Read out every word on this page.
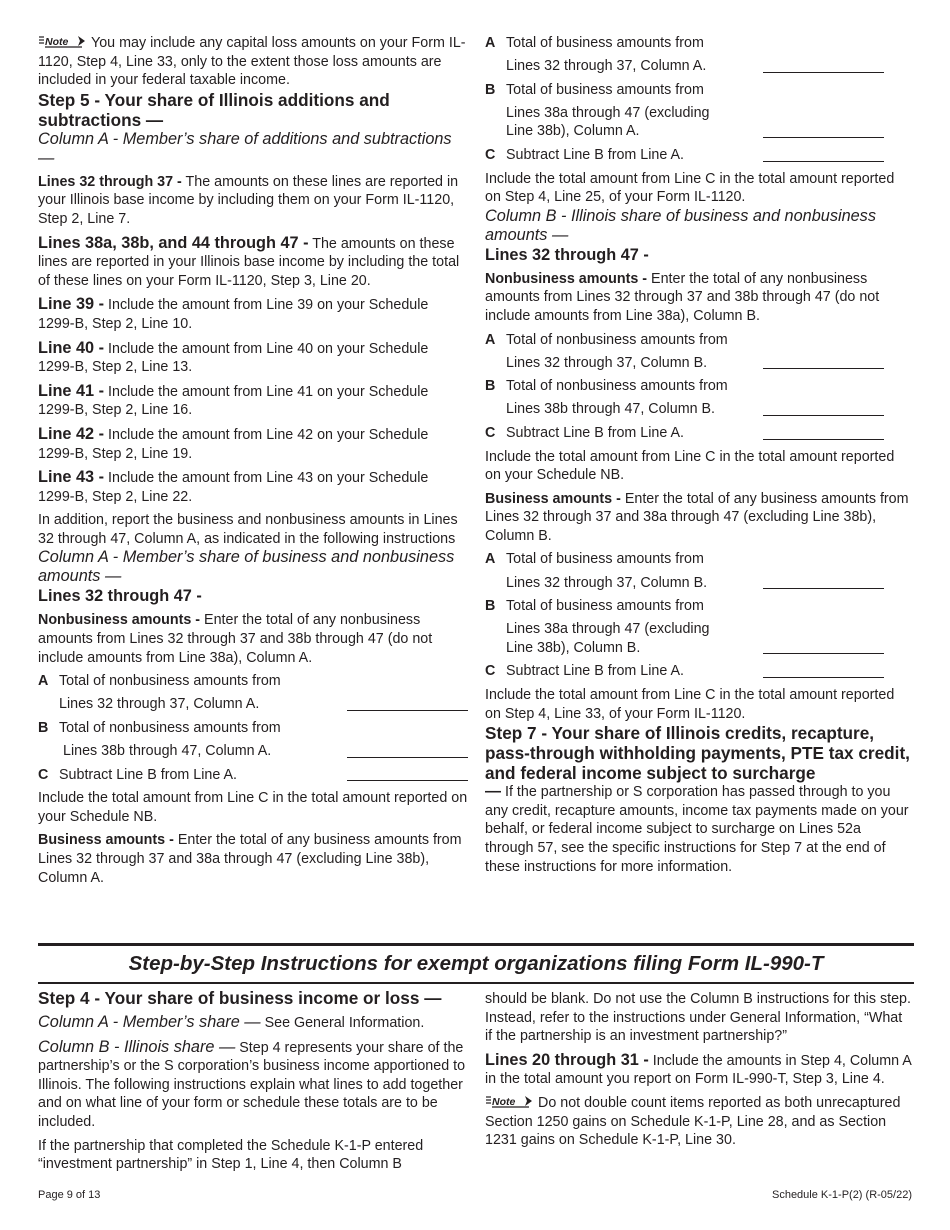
Note You may include any capital loss amounts on your Form IL-1120, Step 4, Line 33, only to the extent those loss amounts are included in your federal taxable income.

Step 5 - Your share of Illinois additions and subtractions —
Column A - Member’s share of additions and subtractions —

Lines 32 through 37 - The amounts on these lines are reported in your Illinois base income by including them on your Form IL-1120, Step 2, Line 7.

Lines 38a, 38b, and 44 through 47 - The amounts on these lines are reported in your Illinois base income by including the total of these lines on your Form IL-1120, Step 3, Line 20.

Line 39 - Include the amount from Line 39 on your Schedule 1299-B, Step 2, Line 10.

Line 40 - Include the amount from Line 40 on your Schedule 1299-B, Step 2, Line 13.

Line 41 - Include the amount from Line 41 on your Schedule 1299-B, Step 2, Line 16.

Line 42 - Include the amount from Line 42 on your Schedule 1299-B, Step 2, Line 19.

Line 43 - Include the amount from Line 43 on your Schedule 1299-B, Step 2, Line 22.

In addition, report the business and nonbusiness amounts in Lines 32 through 47, Column A, as indicated in the following instructions

Column A - Member’s share of business and nonbusiness amounts —
Lines 32 through 47 -

Nonbusiness amounts - Enter the total of any nonbusiness amounts from Lines 32 through 37 and 38b through 47 (do not include amounts from Line 38a), Column A.

A Total of nonbusiness amounts from
Lines 32 through 37, Column A.
B Total of nonbusiness amounts from
Lines 38b through 47, Column A.
C Subtract Line B from Line A.

Include the total amount from Line C in the total amount reported on your Schedule NB.

Business amounts - Enter the total of any business amounts from Lines 32 through 37 and 38a through 47 (excluding Line 38b), Column A.

A Total of business amounts from
Lines 32 through 37, Column A.
B Total of business amounts from
Lines 38a through 47 (excluding
Line 38b), Column A.
C Subtract Line B from Line A.

Include the total amount from Line C in the total amount reported on Step 4, Line 25, of your Form IL-1120.

Column B - Illinois share of business and nonbusiness amounts —
Lines 32 through 47 -

Nonbusiness amounts - Enter the total of any nonbusiness amounts from Lines 32 through 37 and 38b through 47 (do not include amounts from Line 38a), Column B.

A Total of nonbusiness amounts from
Lines 32 through 37, Column B.
B Total of nonbusiness amounts from
Lines 38b through 47, Column B.
C Subtract Line B from Line A.

Include the total amount from Line C in the total amount reported on your Schedule NB.

Business amounts - Enter the total of any business amounts from Lines 32 through 37 and 38a through 47 (excluding Line 38b), Column B.

A Total of business amounts from
Lines 32 through 37, Column B.
B Total of business amounts from
Lines 38a through 47 (excluding
Line 38b), Column B.
C Subtract Line B from Line A.

Include the total amount from Line C in the total amount reported on Step 4, Line 33, of your Form IL-1120.

Step 7 - Your share of Illinois credits, recapture, pass-through withholding payments, PTE tax credit, and federal income subject to surcharge

— If the partnership or S corporation has passed through to you any credit, recapture amounts, income tax payments made on your behalf, or federal income subject to surcharge on Lines 52a through 57, see the specific instructions for Step 7 at the end of these instructions for more information.

Step-by-Step Instructions for exempt organizations filing Form IL-990-T
Step 4 - Your share of business income or loss —

Column A - Member’s share — See General Information.

Column B - Illinois share — Step 4 represents your share of the partnership’s or the S corporation’s business income apportioned to Illinois. The following instructions explain what lines to add together and on what line of your form or schedule these totals are to be included.

If the partnership that completed the Schedule K-1-P entered “investment partnership” in Step 1, Line 4, then Column B

should be blank. Do not use the Column B instructions for this step. Instead, refer to the instructions under General Information, “What if the partnership is an investment partnership?”

Lines 20 through 31 - Include the amounts in Step 4, Column A in the total amount you report on Form IL-990-T, Step 3, Line 4.

Note Do not double count items reported as both unrecaptured Section 1250 gains on Schedule K-1-P, Line 28, and as Section 1231 gains on Schedule K-1-P, Line 30.

Page 9 of 13	Schedule K-1-P(2) (R-05/22)
